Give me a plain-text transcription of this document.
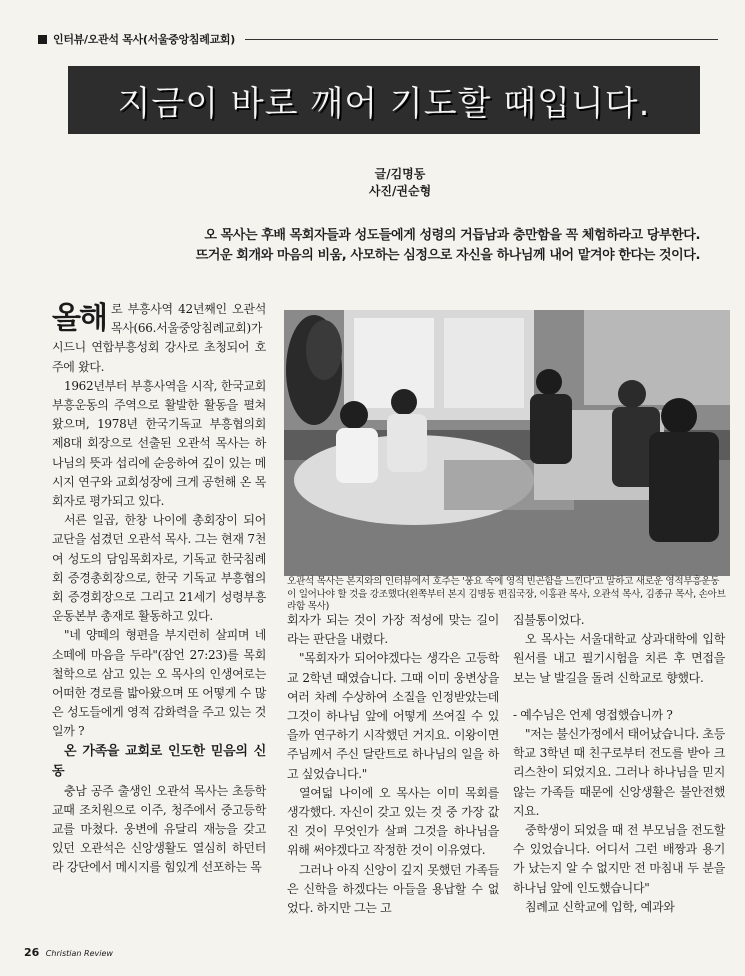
인터뷰/오관석 목사(서울중앙침례교회)
지금이 바로 깨어 기도할 때입니다.
글/김명동
사진/권순형
오 목사는 후배 목회자들과 성도들에게 성령의 거듭남과 충만함을 꼭 체험하라고 당부한다.
뜨거운 회개와 마음의 비움, 사모하는 심정으로 자신을 하나님께 내어 맡겨야 한다는 것이다.

올해 로 부흥사역 42년째인 오관석 목사(66.서울중앙침례교회)가 시드니 연합부흥성회 강사로 초청되어 호주에 왔다.

1962년부터 부흥사역을 시작, 한국교회 부흥운동의 주역으로 활발한 활동을 펼쳐왔으며, 1978년 한국기독교 부흥협의회 제8대 회장으로 선출된 오관석 목사는 하나님의 뜻과 섭리에 순응하여 깊이 있는 메시지 연구와 교회성장에 크게 공헌해 온 목회자로 평가되고 있다.

서른 일곱, 한창 나이에 총회장이 되어 교단을 섬겼던 오관석 목사. 그는 현재 7천여 성도의 담임목회자로, 기독교 한국침례회 증경총회장으로, 한국 기독교 부흥협의회 증경회장으로 그리고 21세기 성령부흥운동본부 총재로 활동하고 있다.

"네 양떼의 형편을 부지런히 살피며 네 소떼에 마음을 두라"(잠언 27:23)를 목회철학으로 삼고 있는 오 목사의 인생여로는 어떠한 경로를 밟아왔으며 또 어떻게 수 많은 성도들에게 영적 감화력을 주고 있는 것일까 ?

온 가족을 교회로 인도한 믿음의 신동

충남 공주 출생인 오관석 목사는 초등학교때 조치원으로 이주, 청주에서 중고등학교를 마쳤다. 웅변에 유달리 재능을 갖고 있던 오관석은 신앙생활도 열심히 하던터라 강단에서 메시지를 힘있게 선포하는 목

오관석 목사는 본지와의 인터뷰에서 호주는 '풍요 속에 영적 빈곤함을 느낀다'고 말하고 새로운 영적부흥운동이 일어나야 할 것을 강조했다(왼쪽부터 본지 김명동 편집국장, 이홍관 목사, 오관석 목사, 김종규 목사, 손아브라함 목사)

회자가 되는 것이 가장 적성에 맞는 길이라는 판단을 내렸다.

"목회자가 되어야겠다는 생각은 고등학교 2학년 때였습니다. 그때 이미 웅변상을 여러 차례 수상하여 소질을 인정받았는데 그것이 하나님 앞에 어떻게 쓰여질 수 있을까 연구하기 시작했던 거지요. 이왕이면 주님께서 주신 달란트로 하나님의 일을 하고 싶었습니다."

열여덟 나이에 오 목사는 이미 목회를 생각했다. 자신이 갖고 있는 것 중 가장 값진 것이 무엇인가 살펴 그것을 하나님을 위해 써야겠다고 작정한 것이 이유였다.

그러나 아직 신앙이 깊지 못했던 가족들은 신학을 하겠다는 아들을 용납할 수 없었다. 하지만 그는 고

집불통이었다.

오 목사는 서울대학교 상과대학에 입학원서를 내고 필기시험을 치른 후 면접을 보는 날 발길을 돌려 신학교로 향했다.

- 예수님은 언제 영접했습니까 ?

"저는 불신가정에서 태어났습니다. 초등학교 3학년 때 친구로부터 전도를 받아 크리스찬이 되었지요. 그러나 하나님을 믿지 않는 가족들 때문에 신앙생활은 불안전했지요.

중학생이 되었을 때 전 부모님을 전도할 수 있었습니다. 어디서 그런 배짱과 용기가 났는지 알 수 없지만 전 마침내 두 분을 하나님 앞에 인도했습니다"

침례교 신학교에 입학, 예과와

26 Christian Review
